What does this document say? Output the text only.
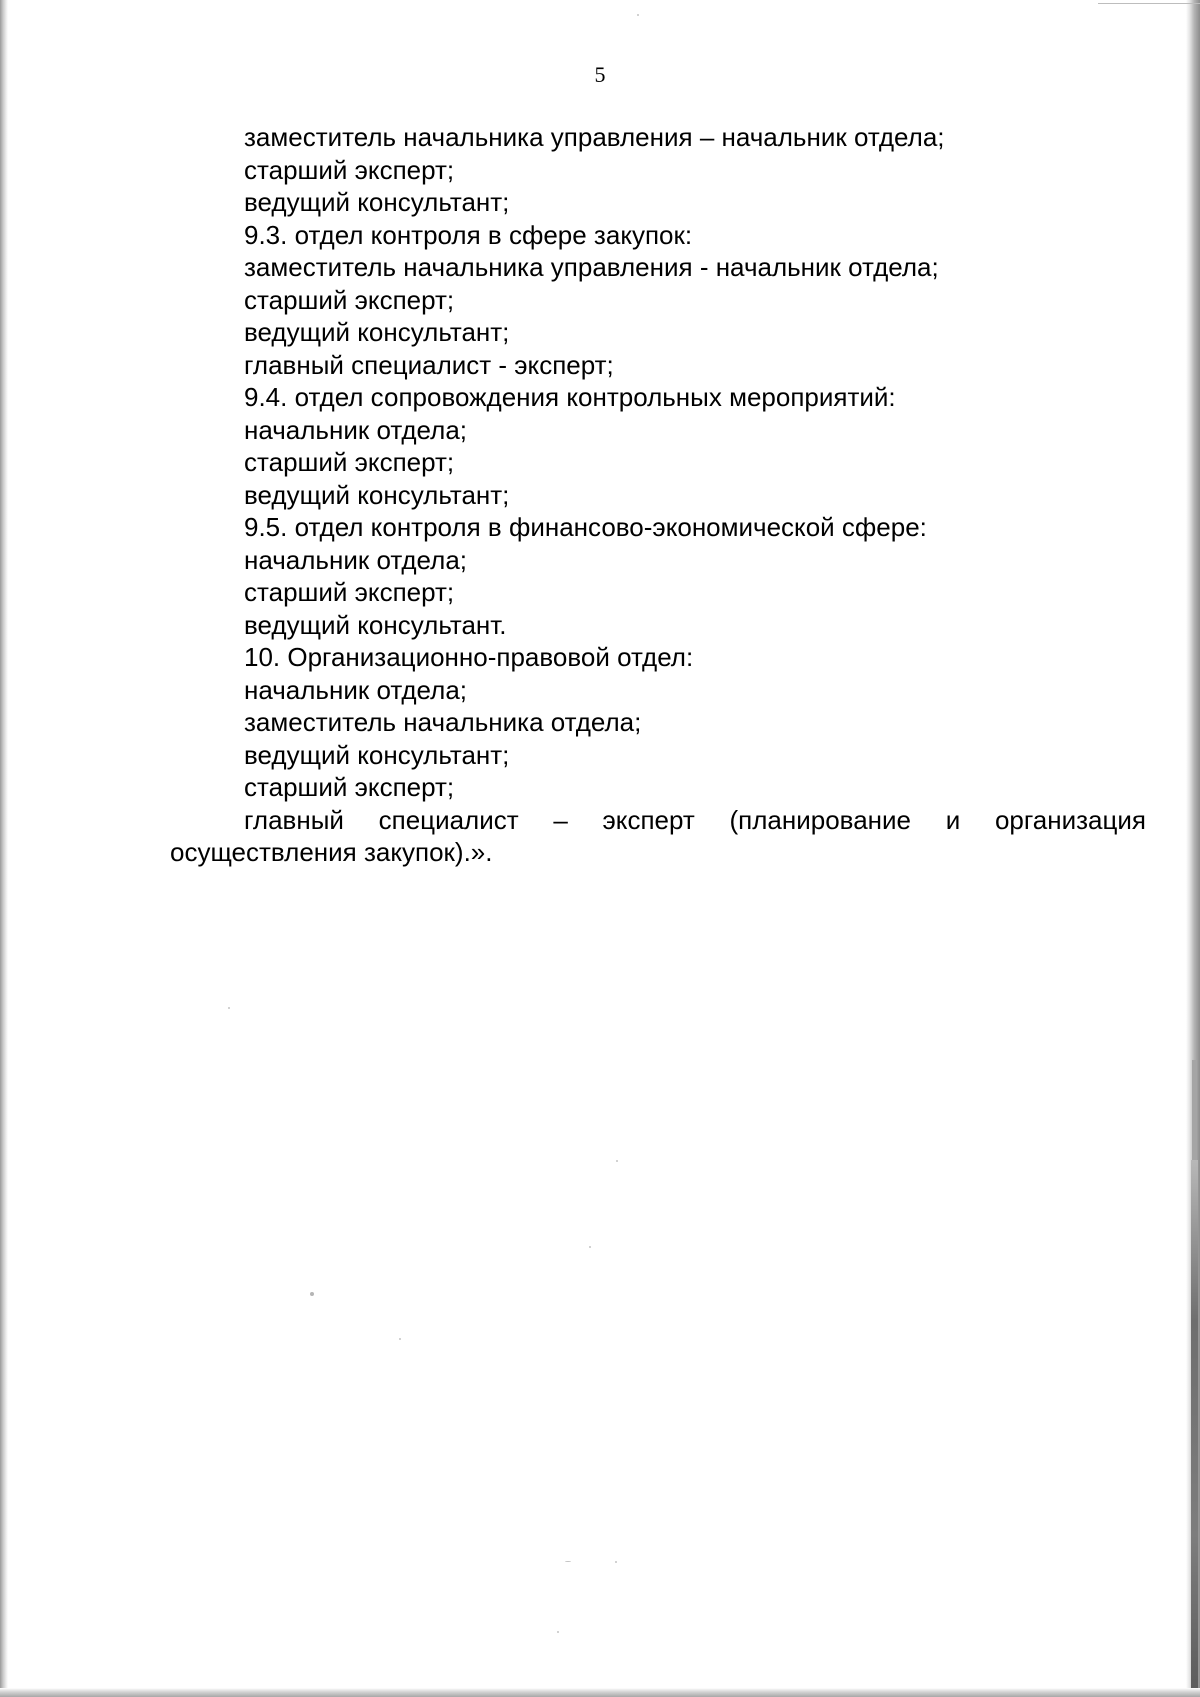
5
заместитель начальника управления – начальник отдела;
старший эксперт;
ведущий консультант;
9.3. отдел контроля в сфере закупок:
заместитель начальника управления - начальник отдела;
старший эксперт;
ведущий консультант;
главный специалист - эксперт;
9.4. отдел сопровождения контрольных мероприятий:
начальник отдела;
старший эксперт;
ведущий консультант;
9.5. отдел контроля в финансово-экономической сфере:
начальник отдела;
старший эксперт;
ведущий консультант.
10. Организационно-правовой отдел:
начальник отдела;
заместитель начальника отдела;
ведущий консультант;
старший эксперт;
главный специалист – эксперт (планирование и организация осуществления закупок).».
